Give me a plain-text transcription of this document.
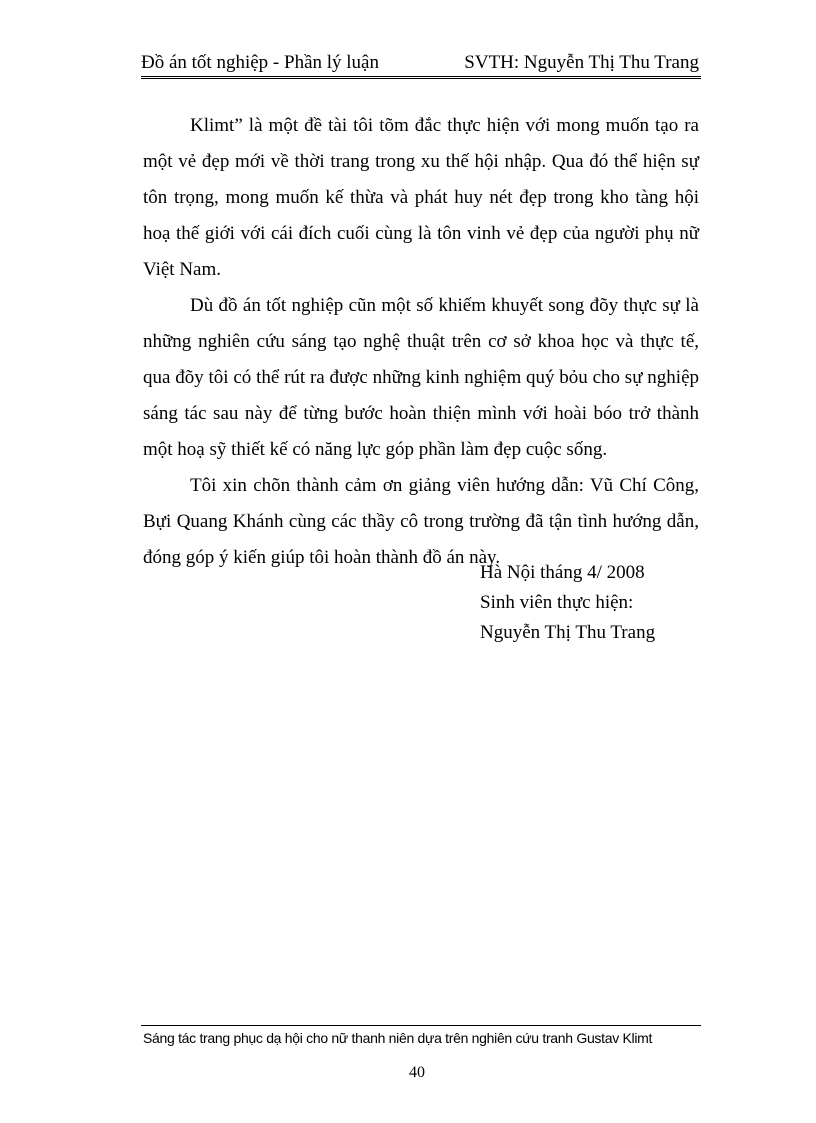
Đồ án tốt nghiệp - Phần lý luận	SVTH: Nguyễn Thị Thu Trang

Klimt” là một đề tài tôi tõm đắc thực hiện với mong muốn tạo ra một vẻ đẹp mới về thời trang trong xu thế hội nhập. Qua đó thể hiện sự tôn trọng, mong muốn kế thừa và phát huy nét đẹp trong kho tàng hội hoạ thế giới với cái đích cuối cùng là tôn vinh vẻ đẹp của người phụ nữ Việt Nam.

Dù đồ án tốt nghiệp cũn một số khiếm khuyết song đõy thực sự là những nghiên cứu sáng tạo nghệ thuật trên cơ sở khoa học và thực tế, qua đõy tôi có thể rút ra được những kinh nghiệm quý bỏu cho sự nghiệp sáng tác sau này để từng bước hoàn thiện mình với hoài bóo trở thành một hoạ sỹ thiết kế có năng lực góp phần làm đẹp cuộc sống.

Tôi xin chõn thành cảm ơn giảng viên hướng dẫn: Vũ Chí Công, Bựi Quang Khánh cùng các thầy cô trong trường đã tận tình hướng dẫn, đóng góp ý kiến giúp tôi hoàn thành đồ án này.

Hà Nội tháng 4/ 2008
Sinh viên thực hiện:
Nguyễn Thị Thu Trang
Sáng tác trang phục dạ hội cho nữ thanh niên dựa trên nghiên cứu tranh Gustav Klimt
40
